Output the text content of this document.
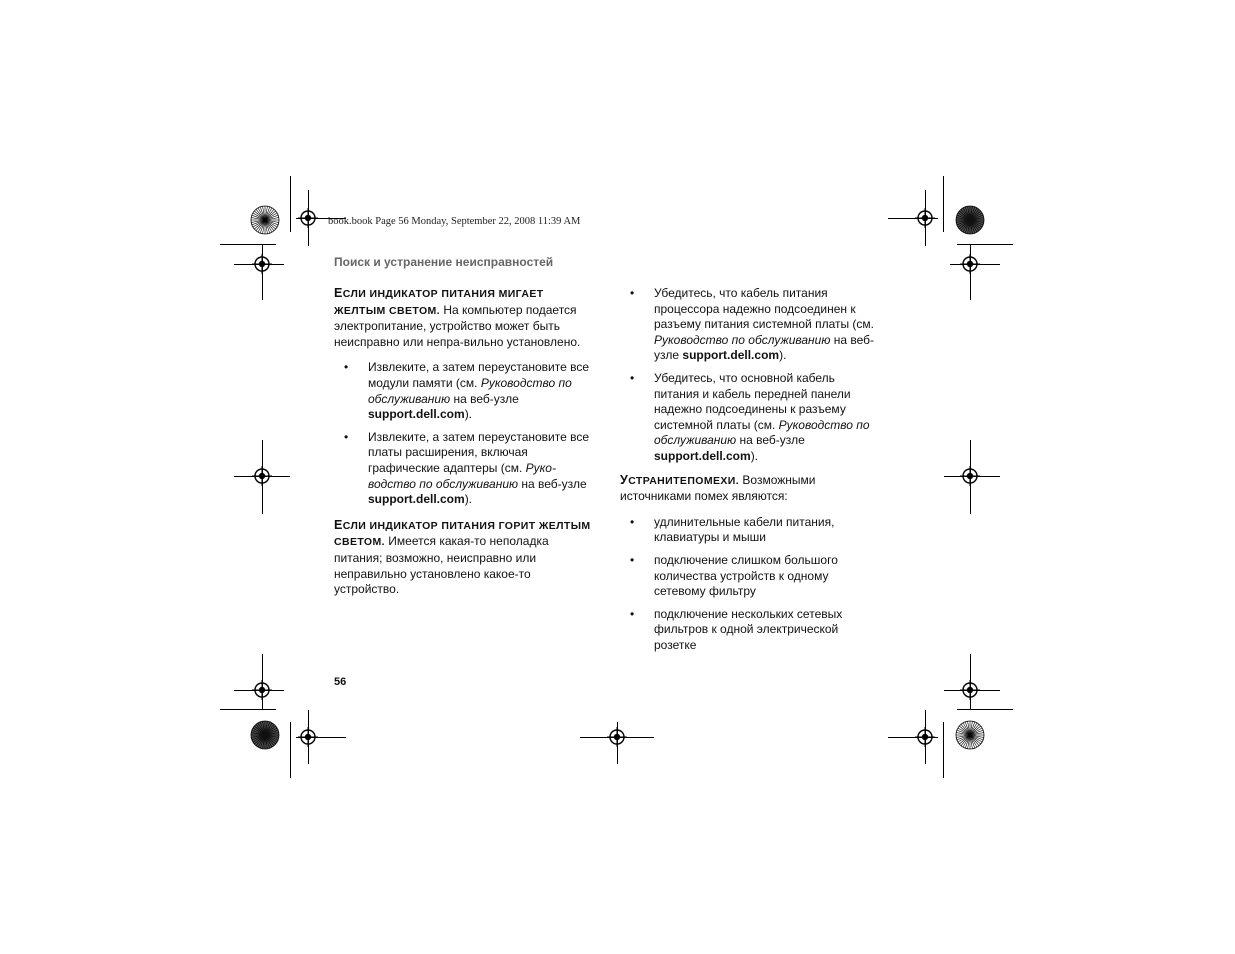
book.book Page 56 Monday, September 22, 2008 11:39 AM
Поиск и устранение неисправностей

ЕСЛИ ИНДИКАТОР ПИТАНИЯ МИГАЕТ ЖЕЛТЫМ СВЕТОМ. На компьютер подается электропитание, устройство может быть неисправно или непра-вильно установлено.

• Извлеките, а затем переустановите все модули памяти (см. Руководство по обслуживанию на веб-узле support.dell.com).
• Извлеките, а затем переустановите все платы расширения, включая графические адаптеры (см. Руко-водство по обслуживанию на веб-узле support.dell.com).

ЕСЛИ ИНДИКАТОР ПИТАНИЯ ГОРИТ ЖЕЛТЫМ СВЕТОМ. Имеется какая-то неполадка питания; возможно, неисправно или неправильно установлено какое-то устройство.

• Убедитесь, что кабель питания процессора надежно подсоединен к разъему питания системной платы (см. Руководство по обслуживанию на веб-узле support.dell.com).
• Убедитесь, что основной кабель питания и кабель передней панели надежно подсоединены к разъему системной платы (см. Руководство по обслуживанию на веб-узле support.dell.com).

УСТРАНИТЕПОМЕХИ. Возможными источниками помех являются:

• удлинительные кабели питания, клавиатуры и мыши
• подключение слишком большого количества устройств к одному сетевому фильтру
• подключение нескольких сетевых фильтров к одной электрической розетке
56
